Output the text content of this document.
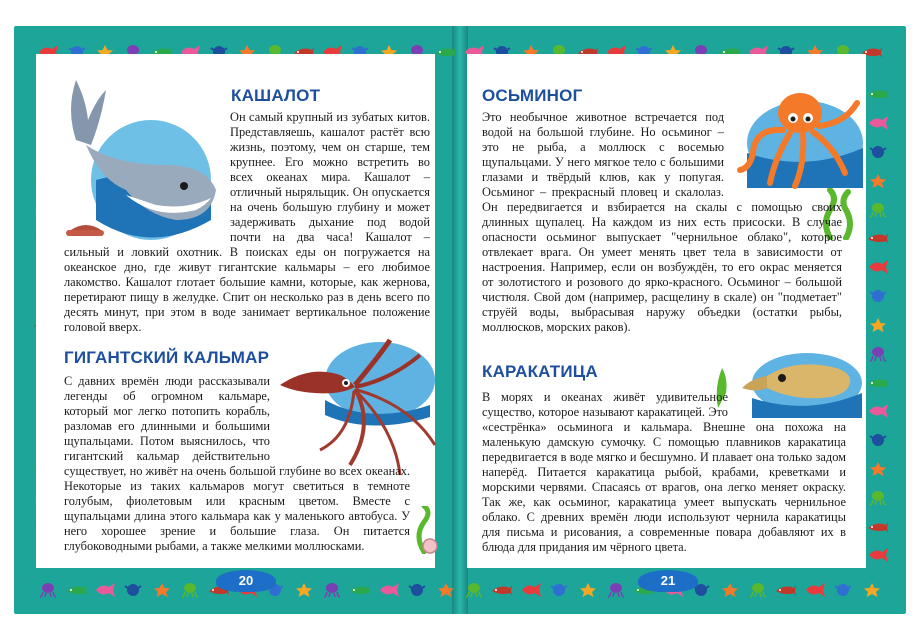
КАШАЛОТ

Он самый крупный из зубатых китов. Представляешь, кашалот растёт всю жизнь, поэтому, чем он старше, тем крупнее. Его можно встретить во всех океанах мира. Кашалот – отличный ныряльщик. Он опускается на очень большую глубину и может задерживать дыхание под водой почти на два часа! Кашалот – сильный и ловкий охотник. В поисках еды он погружается на океанское дно, где живут гигантские кальмары – его любимое лакомство. Кашалот глотает большие камни, которые, как жернова, перетирают пищу в желудке. Спит он несколько раз в день всего по десять минут, при этом в воде занимает вертикальное положение головой вверх.

ГИГАНТСКИЙ КАЛЬМАР

С давних времён люди рассказывали легенды об огромном кальмаре, который мог легко потопить корабль, разломав его длинными и большими щупальцами. Потом выяснилось, что гигантский кальмар действительно существует, но живёт на очень большой глубине во всех океанах. Некоторые из таких кальмаров могут светиться в темноте голубым, фиолетовым или красным цветом. Вместе с щупальцами длина этого кальмара как у маленького автобуса. У него хорошее зрение и большие глаза. Он питается глубоководными рыбами, а также мелкими моллюсками.

ОСЬМИНОГ

Это необычное животное встречается под водой на большой глубине. Но осьминог – это не рыба, а моллюск с восемью щупальцами. У него мягкое тело с большими глазами и твёрдый клюв, как у попугая. Осьминог – прекрасный пловец и скалолаз. Он передвигается и взбирается на скалы с помощью своих длинных щупалец. На каждом из них есть присоски. В случае опасности осьминог выпускает "чернильное облако", которое отвлекает врага. Он умеет менять цвет тела в зависимости от настроения. Например, если он возбуждён, то его окрас меняется от золотистого и розового до ярко-красного. Осьминог – большой чистюля. Свой дом (например, расщелину в скале) он "подметает" струёй воды, выбрасывая наружу объедки (остатки рыбы, моллюсков, морских раков).

КАРАКАТИЦА

В морях и океанах живёт удивительное существо, которое называют каракатицей. Это «сестрёнка» осьминога и кальмара. Внешне она похожа на маленькую дамскую сумочку. С помощью плавников каракатица передвигается в воде мягко и бесшумно. И плавает она только задом наперёд. Питается каракатица рыбой, крабами, креветками и морскими червями. Спасаясь от врагов, она легко меняет окраску. Так же, как осьминог, каракатица умеет выпускать чернильное облако. С древних времён люди используют чернила каракатицы для письма и рисования, а современные повара добавляют их в блюда для придания им чёрного цвета.

20	21
